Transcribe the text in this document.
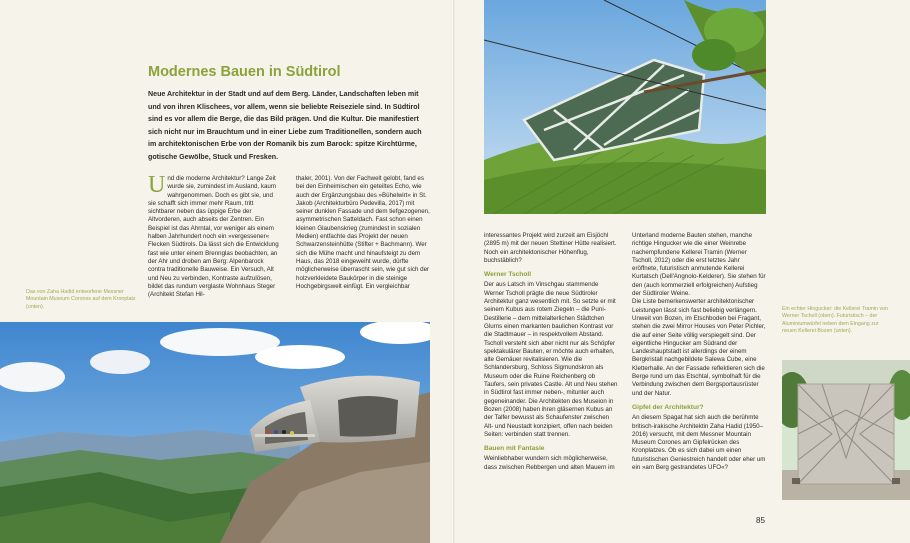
Modernes Bauen in Südtirol

Neue Architektur in der Stadt und auf dem Berg. Länder, Landschaften leben mit und von ihren Klischees, vor allem, wenn sie beliebte Reiseziele sind. In Südtirol sind es vor allem die Berge, die das Bild prägen. Und die Kultur. Die manifestiert sich nicht nur im Brauchtum und in einer Liebe zum Traditionellen, sondern auch im architektonischen Erbe von der Romanik bis zum Barock: spitze Kirchtürme, gotische Gewölbe, Stuck und Fresken.

U nd die moderne Architektur? Lange Zeit wurde sie, zumindest im Ausland, kaum wahrgenommen. Doch es gibt sie, und sie schafft sich immer mehr Raum, tritt sichtbarer neben das üppige Erbe der Altvorderen, auch abseits der Zentren. Ein Beispiel ist das Ahrntal, vor weniger als einem halben Jahrhundert noch ein »vergessener« Flecken Südtirols. Da lässt sich die Entwicklung fast wie unter einem Brennglas beobachten, an der Ahr und droben am Berg: Alpenbarock contra traditionelle Bauweise. Ein Versuch, Alt und Neu zu verbinden, Kontraste aufzulösen, bildet das rundum verglaste Wohnhaus Steger (Architekt Stefan Hil-

thaler, 2001). Von der Fachwelt gelobt, fand es bei den Einheimischen ein geteiltes Echo, wie auch der Ergänzungsbau des »Bühelwirt« in St. Jakob (Architekturbüro Pedevilla, 2017) mit seiner dunklen Fassade und dem tiefgezogenen, asymmetrischen Satteldach. Fast schon einen kleinen Glaubenskrieg (zumindest in sozialen Medien) entfachte das Projekt der neuen Schwarzensteinhütte (Stifter + Bachmann). Wer sich die Mühe macht und hinaufsteigt zu dem Haus, das 2018 eingeweiht wurde, dürfte möglicherweise überrascht sein, wie gut sich der holzverkleidete Baukörper in die steinige Hochgebirgswelt einfügt. Ein vergleichbar

Das von Zaha Hadid entworfene Messner Mountain Museum Corones auf dem Kronplatz (unten).

interessantes Projekt wird zurzeit am Eisjöchl (2895 m) mit der neuen Stettiner Hütte realisiert. Noch ein architektonischer Höhenflug, buchstäblich?

Werner Tscholl

Der aus Latsch im Vinschgau stammende Werner Tscholl prägte die neue Südtiroler Architektur ganz wesentlich mit. So setzte er mit seinem Kubus aus rotem Ziegeln – die Puni-Destillerie – dem mittelalterlichen Städtchen Glurns einen markanten baulichen Kontrast vor die Stadtmauer – in respektvollem Abstand. Tscholl versteht sich aber nicht nur als Schöpfer spektakulärer Bauten, er möchte auch erhalten, alte Gemäuer revitalisieren. Wie die Schlandersburg, Schloss Sigmundskron als Museum oder die Ruine Reichenberg ob Taufers, sein privates Castle. Alt und Neu stehen in Südtirol fast immer neben-, mitunter auch gegeneinander. Die Architekten des Museion in Bozen (2008) haben ihren gläsernen Kubus an der Talfer bewusst als Schaufenster zwischen Alt- und Neustadt konzipiert, offen nach beiden Seiten: verbinden statt trennen.

Bauen mit Fantasie

Weinliebhaber wundern sich möglicherweise, dass zwischen Rebbergen und alten Mauern im

Unterland moderne Bauten stehen, manche richtige Hingucker wie die einer Weinrebe nachempfundene Kellerei Tramin (Werner Tscholl, 2012) oder die erst letztes Jahr eröffnete, futuristisch anmutende Kellerei Kurtatsch (Dell'Angnolo-Kelderer). Sie stehen für den (auch kommerziell erfolgreichen) Aufstieg der Südtiroler Weine.

Die Liste bemerkenswerter architektonischer Leistungen lässt sich fast beliebig verlängern. Unweit von Bozen, im Etschboden bei Fragant, stehen die zwei Mirror Houses von Peter Pichler, die auf einer Seite völlig verspiegelt sind. Der eigentliche Hingucker am Südrand der Landeshauptstadt ist allerdings der einem Bergkristall nachgebildete Salewa Cube, eine Kletterhalle. An der Fassade reflektieren sich die Berge rund um das Etschtal, symbolhaft für die Verbindung zwischen dem Bergsportausrüster und der Natur.

Gipfel der Architektur?

An diesem Spagat hat sich auch die berühmte britisch-irakische Architektin Zaha Hadid (1950–2016) versucht, mit dem Messner Mountain Museum Corones am Gipfelrücken des Kronplatzes. Ob es sich dabei um einen futuristischen Geniestreich handelt oder eher um ein »am Berg gestrandetes UFO«?

Ein echter Hingucker: die Kellerei Tramin von Werner Tscholl (oben). Futuristisch – der Aluminiumwürfel neben dem Eingang zur neuen Kellerei Bozen (unten).

85
